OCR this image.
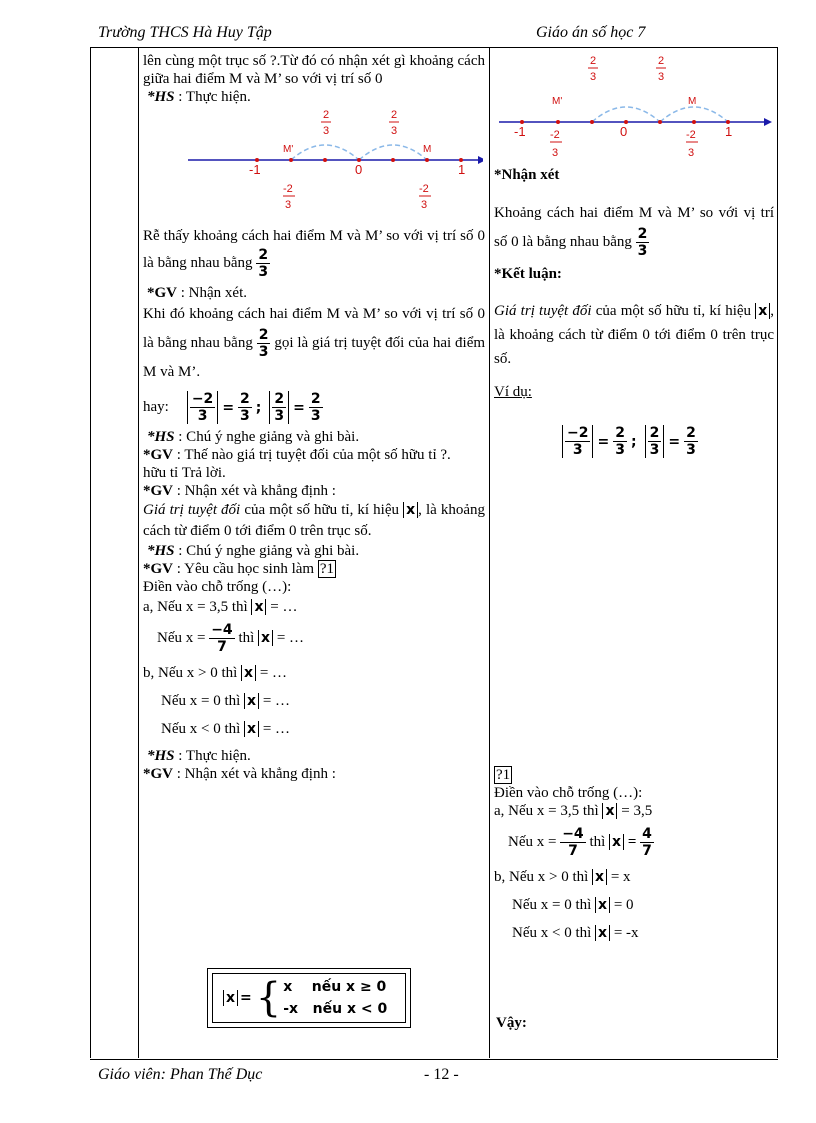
Trường THCS Hà Huy Tập	Giáo án số học 7

lên cùng một trục số ?.Từ đó có nhận xét gì khoảng cách giữa hai điểm M và M’ so với vị trí số 0

*HS : Thực hiện.

M'	M
-1	0	1
2
3
2
3
-2
3
-2
3

Rễ thấy khoảng cách hai điểm M và M’ so với vị trí số 0 là bằng nhau bằng $\frac{2}{3}$

*GV : Nhận xét.

Khi đó khoảng cách hai điểm M và M’ so với vị trí số 0 là bằng nhau bằng $\frac{2}{3}$ gọi là giá trị tuyệt đối của hai điểm M và M’.

hay: $\frac{-2}{3} = \frac{2}{3}$ ; $\frac{2}{3} = \frac{2}{3}$

*HS : Chú ý nghe giảng và ghi bài.

*GV : Thế nào giá trị tuyệt đối của một số hữu tỉ ?.

hữu tỉ Trả lời.

*GV : Nhận xét và khẳng định :

Giá trị tuyệt đối của một số hữu tỉ, kí hiệu x , là khoảng cách từ điểm 0 tới điểm 0 trên trục số.

*HS : Chú ý nghe giảng và ghi bài.

*GV : Yêu cầu học sinh làm ?1

Điền vào chỗ trống (…):

a, Nếu x = 3,5 thì x = …

Nếu $x = \frac{-4}{7}$ thì x = …

b, Nếu x > 0 thì x = …

Nếu x = 0 thì x = …

Nếu x < 0 thì x = …

*HS : Thực hiện.

*GV : Nhận xét và khẳng định :

x = { x    nếu x ≥ 0
-x   nếu x < 0
M'	M
-1	0	1
2
3
2
3
-2
3
-2
3

*Nhận xét

Khoảng cách hai điểm M và M’ so với vị trí số 0 là bằng nhau bằng $\frac{2}{3}$

*Kết luận:

Giá trị tuyệt đối của một số hữu tỉ, kí hiệu x , là khoảng cách từ điểm 0 tới điểm 0 trên trục số.

Ví dụ:

$\frac{-2}{3} = \frac{2}{3}$ ; $\frac{2}{3} = \frac{2}{3}$

?1

Điền vào chỗ trống (…):

a, Nếu x = 3,5 thì x = 3,5

Nếu $x = \frac{-4}{7}$ thì $x = \frac{4}{7}$

b, Nếu x > 0 thì x = x

Nếu x = 0 thì x = 0

Nếu x < 0 thì x = -x

Vậy:

Giáo viên: Phan Thế Dục	- 12 -
